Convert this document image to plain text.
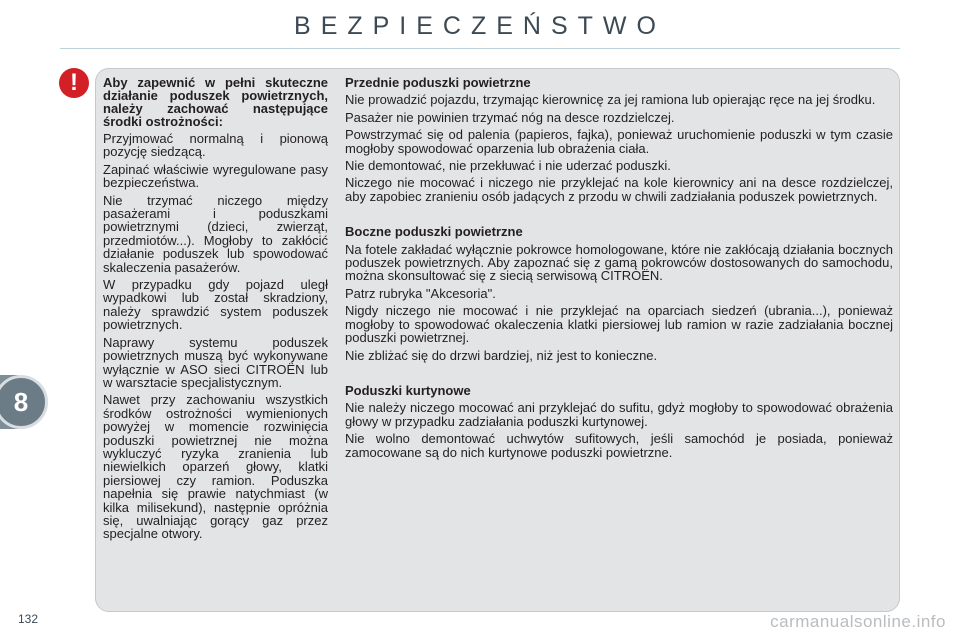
BEZPIECZEŃSTWO
8
!	Aby zapewnić w pełni skuteczne działanie poduszek powietrznych, należy zachować następujące środki ostrożności:

Przyjmować normalną i pionową pozycję siedzącą.

Zapinać właściwie wyregulowane pasy bezpieczeństwa.

Nie trzymać niczego między pasażerami i poduszkami powietrznymi (dzieci, zwierząt, przedmiotów...). Mogłoby to zakłócić działanie poduszek lub spowodować skaleczenia pasażerów.

W przypadku gdy pojazd uległ wypadkowi lub został skradziony, należy sprawdzić system poduszek powietrznych.

Naprawy systemu poduszek powietrznych muszą być wykonywane wyłącznie w ASO sieci CITROËN lub w warsztacie specjalistycznym.

Nawet przy zachowaniu wszystkich środków ostrożności wymienionych powyżej w momencie rozwinięcia poduszki powietrznej nie można wykluczyć ryzyka zranienia lub niewielkich oparzeń głowy, klatki piersiowej czy ramion. Poduszka napełnia się prawie natychmiast (w kilka milisekund), następnie opróżnia się, uwalniając gorący gaz przez specjalne otwory.

Przednie poduszki powietrzne

Nie prowadzić pojazdu, trzymając kierownicę za jej ramiona lub opierając ręce na jej środku.

Pasażer nie powinien trzymać nóg na desce rozdzielczej.

Powstrzymać się od palenia (papieros, fajka), ponieważ uruchomienie poduszki w tym czasie mogłoby spowodować oparzenia lub obrażenia ciała.

Nie demontować, nie przekłuwać i nie uderzać poduszki.

Niczego nie mocować i niczego nie przyklejać na kole kierownicy ani na desce rozdzielczej, aby zapobiec zranieniu osób jadących z przodu w chwili zadziałania poduszek powietrznych.

Boczne poduszki powietrzne

Na fotele zakładać wyłącznie pokrowce homologowane, które nie zakłócają działania bocznych poduszek powietrznych. Aby zapoznać się z gamą pokrowców dostosowanych do samochodu, można skonsultować się z siecią serwisową CITROËN.

Patrz rubryka "Akcesoria".

Nigdy niczego nie mocować i nie przyklejać na oparciach siedzeń (ubrania...), ponieważ mogłoby to spowodować okaleczenia klatki piersiowej lub ramion w razie zadziałania bocznej poduszki powietrznej.

Nie zbliżać się do drzwi bardziej, niż jest to konieczne.

Poduszki kurtynowe

Nie należy niczego mocować ani przyklejać do sufitu, gdyż mogłoby to spowodować obrażenia głowy w przypadku zadziałania poduszki kurtynowej.

Nie wolno demontować uchwytów sufitowych, jeśli samochód je posiada, ponieważ zamocowane są do nich kurtynowe poduszki powietrzne.

132	carmanualsonline.info
